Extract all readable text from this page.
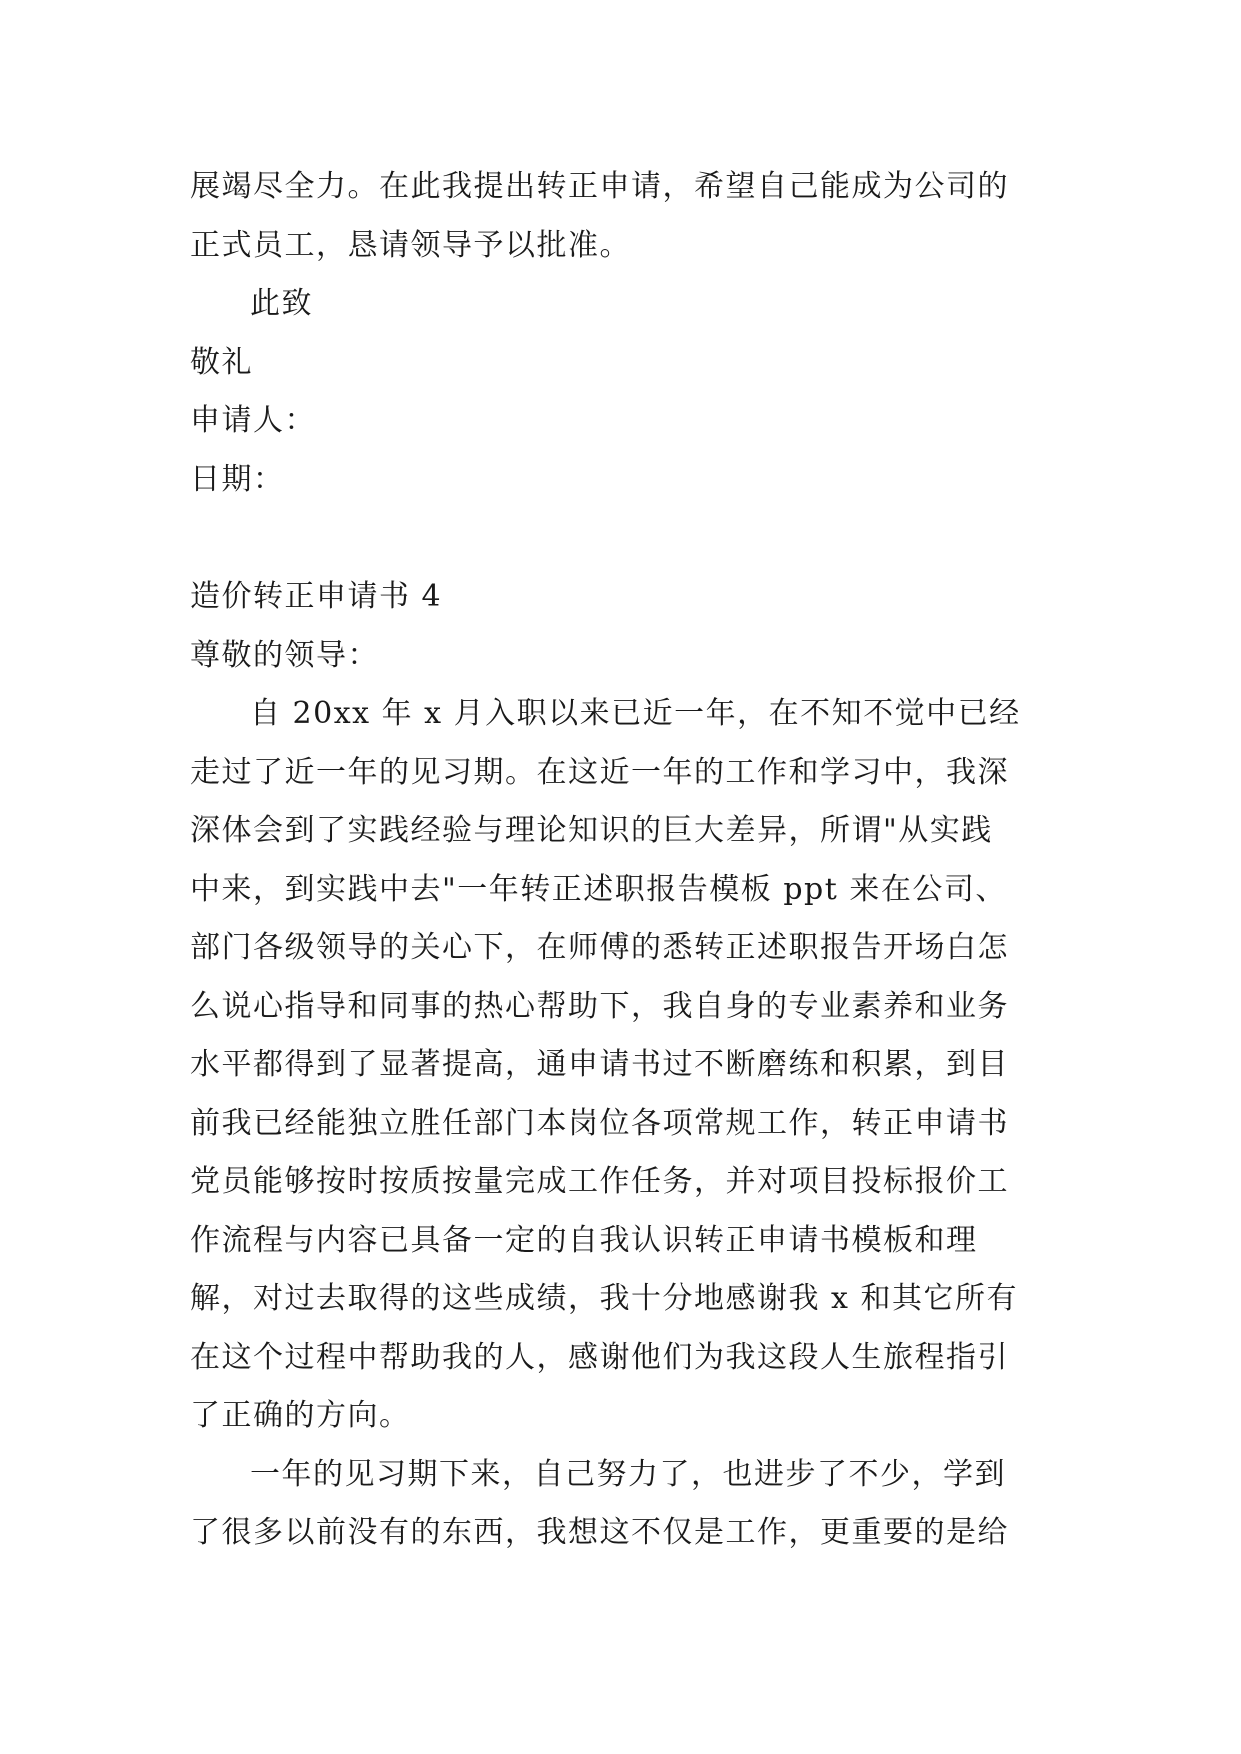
展竭尽全力。在此我提出转正申请，希望自己能成为公司的
正式员工，恳请领导予以批准。
此致
敬礼
申请人：
日期：
造价转正申请书 4
尊敬的领导：
自 20xx 年 x 月入职以来已近一年，在不知不觉中已经
走过了近一年的见习期。在这近一年的工作和学习中，我深
深体会到了实践经验与理论知识的巨大差异，所谓"从实践
中来，到实践中去"一年转正述职报告模板 ppt 来在公司、
部门各级领导的关心下，在师傅的悉转正述职报告开场白怎
么说心指导和同事的热心帮助下，我自身的专业素养和业务
水平都得到了显著提高，通申请书过不断磨练和积累，到目
前我已经能独立胜任部门本岗位各项常规工作，转正申请书
党员能够按时按质按量完成工作任务，并对项目投标报价工
作流程与内容已具备一定的自我认识转正申请书模板和理
解，对过去取得的这些成绩，我十分地感谢我 x 和其它所有
在这个过程中帮助我的人，感谢他们为我这段人生旅程指引
了正确的方向。
一年的见习期下来，自己努力了，也进步了不少，学到
了很多以前没有的东西，我想这不仅是工作，更重要的是给
